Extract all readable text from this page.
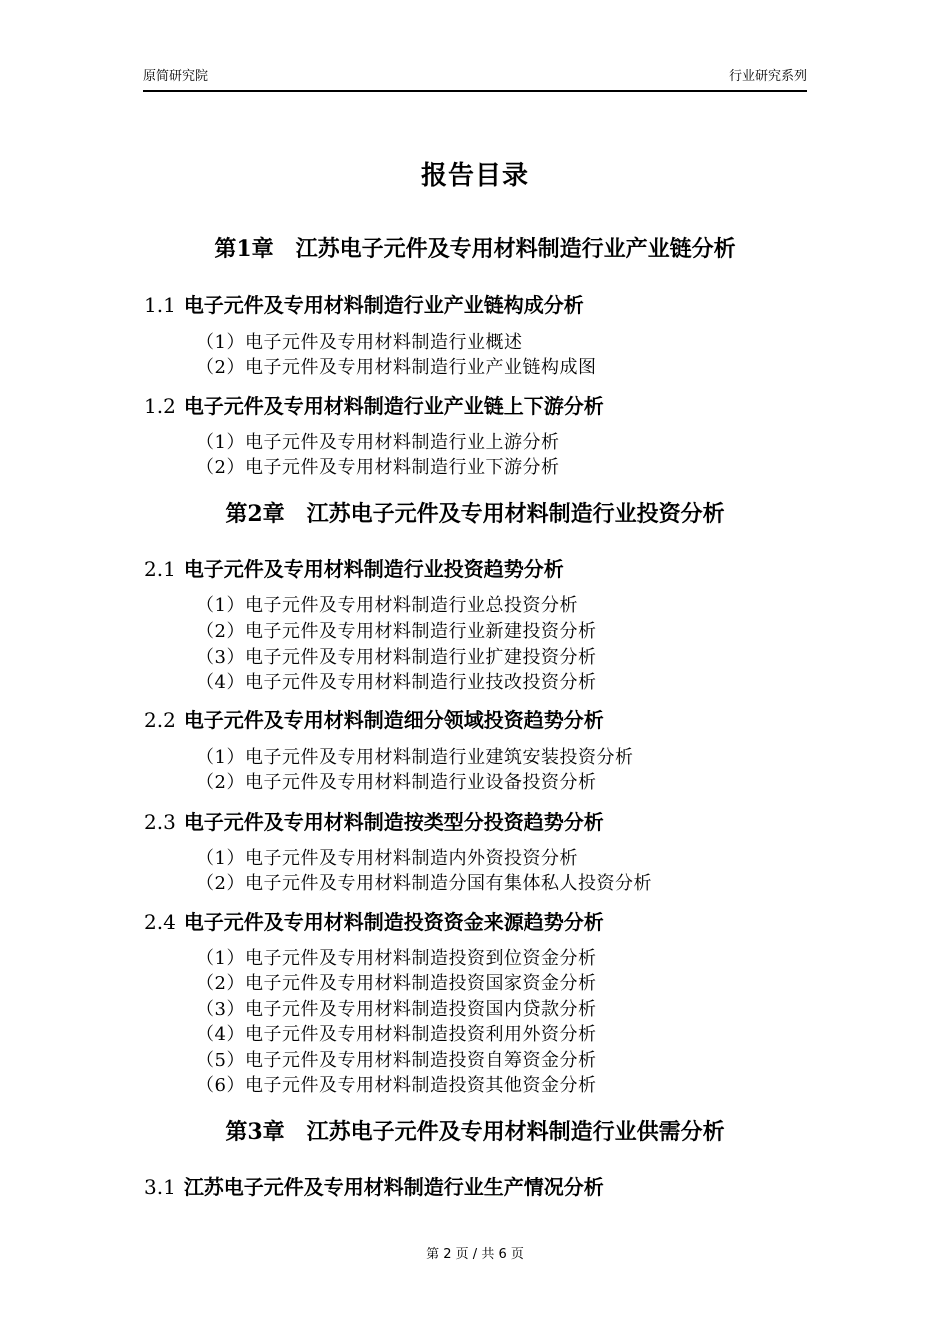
原简研究院	行业研究系列
报告目录
第1章 江苏电子元件及专用材料制造行业产业链分析
1.1 电子元件及专用材料制造行业产业链构成分析
（1）电子元件及专用材料制造行业概述
（2）电子元件及专用材料制造行业产业链构成图
1.2 电子元件及专用材料制造行业产业链上下游分析
（1）电子元件及专用材料制造行业上游分析
（2）电子元件及专用材料制造行业下游分析
第2章 江苏电子元件及专用材料制造行业投资分析
2.1 电子元件及专用材料制造行业投资趋势分析
（1）电子元件及专用材料制造行业总投资分析
（2）电子元件及专用材料制造行业新建投资分析
（3）电子元件及专用材料制造行业扩建投资分析
（4）电子元件及专用材料制造行业技改投资分析
2.2 电子元件及专用材料制造细分领域投资趋势分析
（1）电子元件及专用材料制造行业建筑安装投资分析
（2）电子元件及专用材料制造行业设备投资分析
2.3 电子元件及专用材料制造按类型分投资趋势分析
（1）电子元件及专用材料制造内外资投资分析
（2）电子元件及专用材料制造分国有集体私人投资分析
2.4 电子元件及专用材料制造投资资金来源趋势分析
（1）电子元件及专用材料制造投资到位资金分析
（2）电子元件及专用材料制造投资国家资金分析
（3）电子元件及专用材料制造投资国内贷款分析
（4）电子元件及专用材料制造投资利用外资分析
（5）电子元件及专用材料制造投资自筹资金分析
（6）电子元件及专用材料制造投资其他资金分析
第3章 江苏电子元件及专用材料制造行业供需分析
3.1 江苏电子元件及专用材料制造行业生产情况分析
第 2 页 / 共 6 页
